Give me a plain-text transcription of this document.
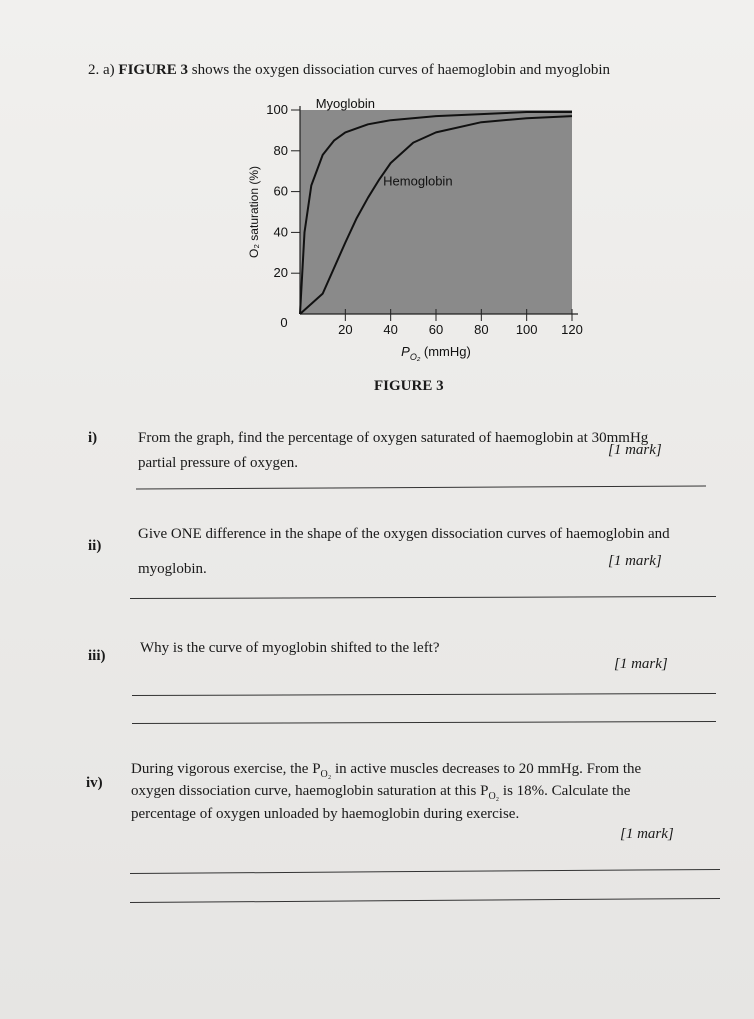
2. a) FIGURE 3 shows the oxygen dissociation curves of haemoglobin and myoglobin
20
40
60
80
100
20 40 60 80 100 120
0
Myoglobin
Hemoglobin
O₂ saturation (%)
$P_{O_2}$ (mmHg)
FIGURE 3
i)	From the graph, find the percentage of oxygen saturated of haemoglobin at 30mmHg
partial pressure of oxygen.
[1 mark]
ii)
Give ONE difference in the shape of the oxygen dissociation curves of haemoglobin and
myoglobin.	[1 mark]
iii) Why is the curve of myoglobin shifted to the left?
[1 mark]
iv)
During vigorous exercise, the $P_{O_2}$ in active muscles decreases to 20 mmHg. From the
oxygen dissociation curve, haemoglobin saturation at this $P_{O_2}$ is 18%. Calculate the
percentage of oxygen unloaded by haemoglobin during exercise.
[1 mark]
